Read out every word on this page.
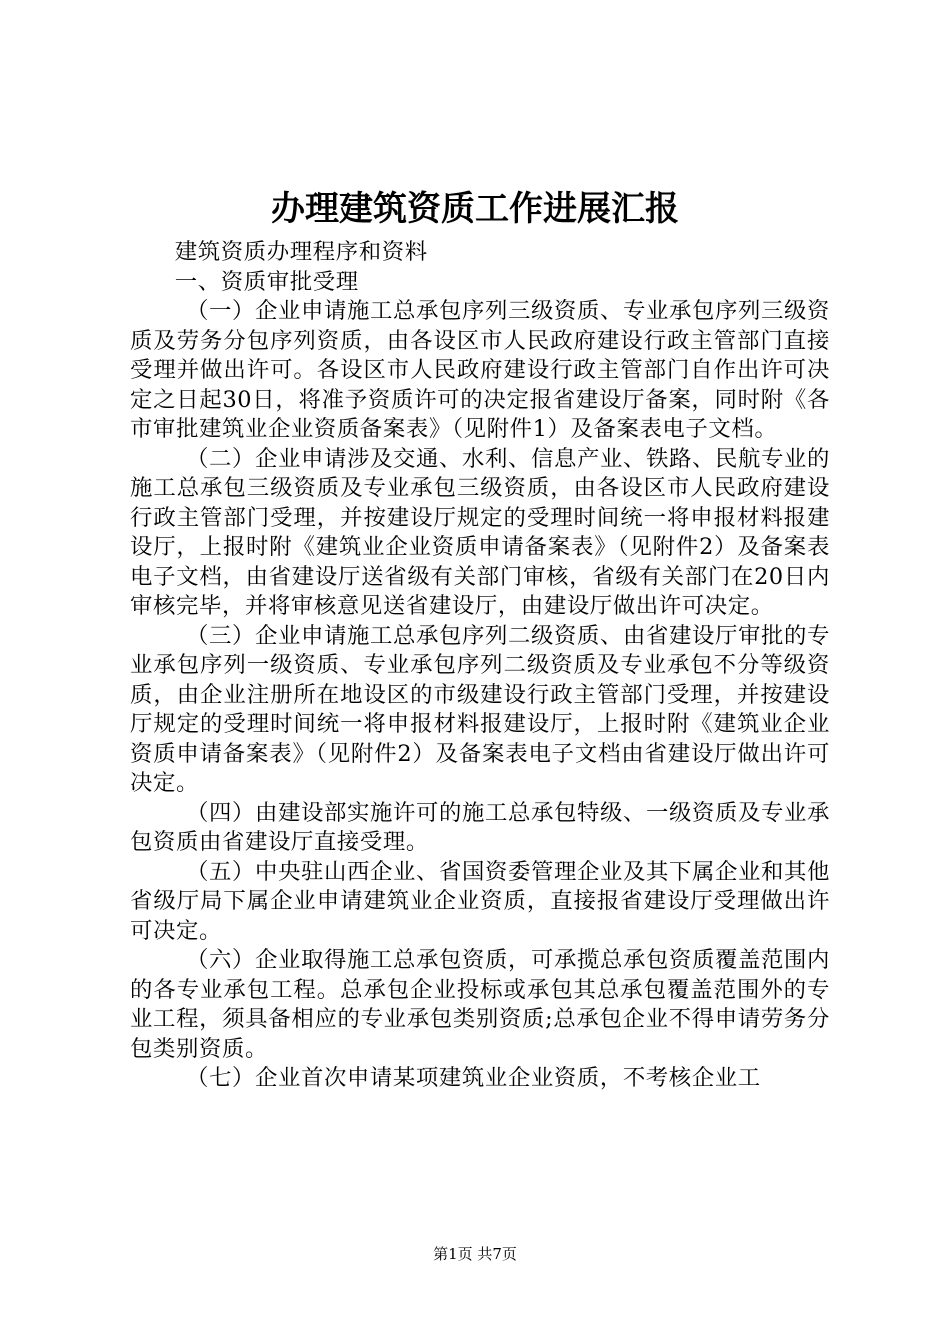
办理建筑资质工作进展汇报

建筑资质办理程序和资料

一、资质审批受理

（一）企业申请施工总承包序列三级资质、专业承包序列三级资质及劳务分包序列资质，由各设区市人民政府建设行政主管部门直接受理并做出许可。各设区市人民政府建设行政主管部门自作出许可决定之日起30日，将准予资质许可的决定报省建设厅备案，同时附《各市审批建筑业企业资质备案表》（见附件1）及备案表电子文档。

（二）企业申请涉及交通、水利、信息产业、铁路、民航专业的施工总承包三级资质及专业承包三级资质，由各设区市人民政府建设行政主管部门受理，并按建设厅规定的受理时间统一将申报材料报建设厅，上报时附《建筑业企业资质申请备案表》（见附件2）及备案表电子文档，由省建设厅送省级有关部门审核，省级有关部门在20日内审核完毕，并将审核意见送省建设厅，由建设厅做出许可决定。

（三）企业申请施工总承包序列二级资质、由省建设厅审批的专业承包序列一级资质、专业承包序列二级资质及专业承包不分等级资质，由企业注册所在地设区的市级建设行政主管部门受理，并按建设厅规定的受理时间统一将申报材料报建设厅，上报时附《建筑业企业资质申请备案表》（见附件2）及备案表电子文档由省建设厅做出许可决定。

（四）由建设部实施许可的施工总承包特级、一级资质及专业承包资质由省建设厅直接受理。

（五）中央驻山西企业、省国资委管理企业及其下属企业和其他省级厅局下属企业申请建筑业企业资质，直接报省建设厅受理做出许可决定。

（六）企业取得施工总承包资质，可承揽总承包资质覆盖范围内的各专业承包工程。总承包企业投标或承包其总承包覆盖范围外的专业工程，须具备相应的专业承包类别资质;总承包企业不得申请劳务分包类别资质。

（七）企业首次申请某项建筑业企业资质，不考核企业工

第1页 共7页
